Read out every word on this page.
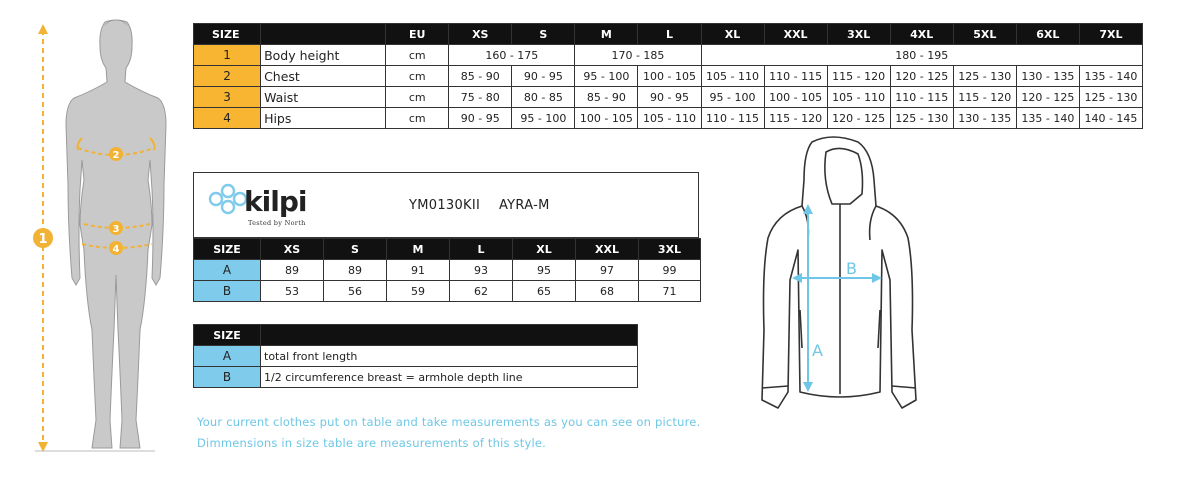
1
2
3
4
SIZE		EU	XS	S	M	L	XL	XXL	3XL	4XL	5XL	6XL	7XL
1	Body height	cm	160 - 175		170 - 185		180 - 195						
2	Chest	cm	85 - 90	90 - 95	95 - 100	100 - 105	105 - 110	110 - 115	115 - 120	120 - 125	125 - 130	130 - 135	135 - 140
3	Waist	cm	75 - 80	80 - 85	85 - 90	90 - 95	95 - 100	100 - 105	105 - 110	110 - 115	115 - 120	120 - 125	125 - 130
4	Hips	cm	90 - 95	95 - 100	100 - 105	105 - 110	110 - 115	115 - 120	120 - 125	125 - 130	130 - 135	135 - 140	140 - 145
kilpi
Tested by North
YM0130KII AYRA-M
SIZE	XS	S	M	L	XL	XXL	3XL
A	89	89	91	93	95	97	99
B	53	56	59	62	65	68	71
SIZE	
A	total front length
B	1/2 circumference breast = armhole depth line
Your current clothes put on table and take measurements as you can see on picture.
Dimmensions in size table are measurements of this style.
A
B
